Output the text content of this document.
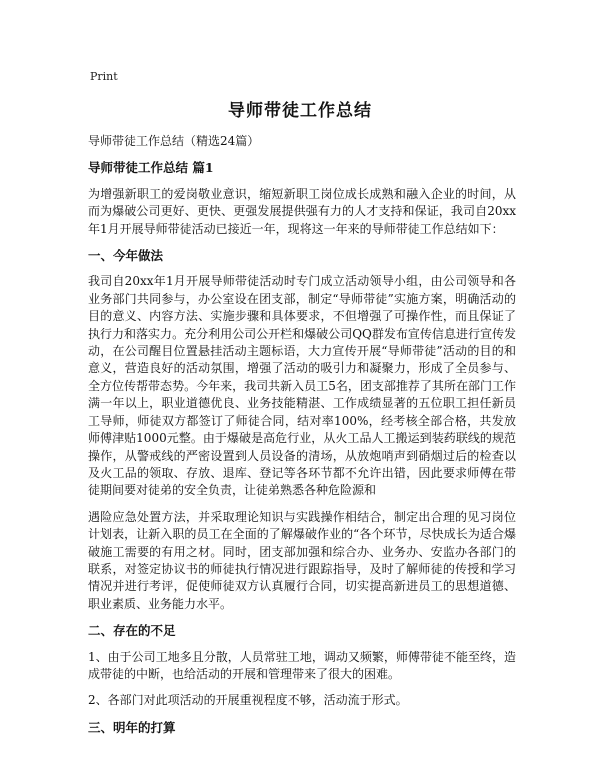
Print
导师带徒工作总结
导师带徒工作总结（精选24篇）
导师带徒工作总结 篇1

为增强新职工的爱岗敬业意识，缩短新职工岗位成长成熟和融入企业的时间，从而为爆破公司更好、更快、更强发展提供强有力的人才支持和保证，我司自20xx年1月开展导师带徒活动已接近一年，现将这一年来的导师带徒工作总结如下：

一、今年做法

我司自20xx年1月开展导师带徒活动时专门成立活动领导小组，由公司领导和各业务部门共同参与，办公室设在团支部，制定“导师带徒”实施方案，明确活动的目的意义、内容方法、实施步骤和具体要求，不但增强了可操作性，而且保证了执行力和落实力。充分利用公司公开栏和爆破公司QQ群发布宣传信息进行宣传发动，在公司醒目位置悬挂活动主题标语，大力宣传开展“导师带徒”活动的目的和意义，营造良好的活动氛围，增强了活动的吸引力和凝聚力，形成了全员参与、全方位传帮带态势。今年来，我司共新入员工5名，团支部推荐了其所在部门工作满一年以上，职业道德优良、业务技能精湛、工作成绩显著的五位职工担任新员工导师，师徒双方都签订了师徒合同，结对率100%，经考核全部合格，共发放师傅津贴1000元整。由于爆破是高危行业，从火工品人工搬运到装药联线的规范操作，从警戒线的严密设置到人员设备的清场，从放炮哨声到硝烟过后的检查以及火工品的领取、存放、退库、登记等各环节都不允许出错，因此要求师傅在带徒期间要对徒弟的安全负责，让徒弟熟悉各种危险源和

遇险应急处置方法，并采取理论知识与实践操作相结合，制定出合理的见习岗位计划表，让新入职的员工在全面的了解爆破作业的“各个环节，尽快成长为适合爆破施工需要的有用之材。同时，团支部加强和综合办、业务办、安监办各部门的联系，对签定协议书的师徒执行情况进行跟踪指导，及时了解师徒的传授和学习情况并进行考评，促使师徒双方认真履行合同，切实提高新进员工的思想道德、职业素质、业务能力水平。

二、存在的不足

1、由于公司工地多且分散，人员常驻工地，调动又频繁，师傅带徒不能至终，造成带徒的中断，也给活动的开展和管理带来了很大的困难。

2、各部门对此项活动的开展重视程度不够，活动流于形式。

三、明年的打算
